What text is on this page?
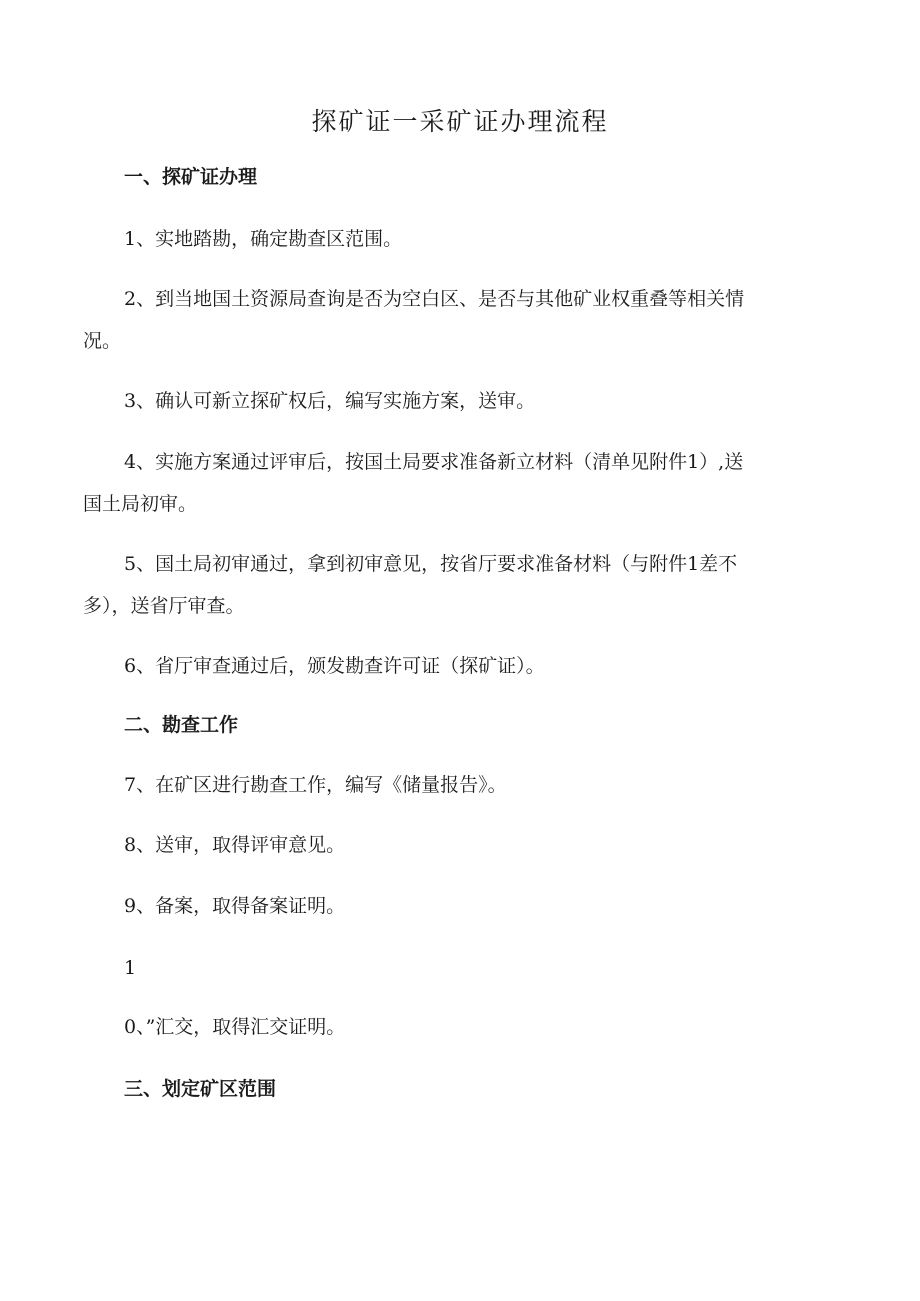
探矿证一采矿证办理流程

一、探矿证办理

1、实地踏勘，确定勘查区范围。

2、到当地国土资源局查询是否为空白区、是否与其他矿业权重叠等相关情

况。

3、确认可新立探矿权后，编写实施方案，送审。

4、实施方案通过评审后，按国土局要求准备新立材料（清单见附件1）,送

国土局初审。

5、国土局初审通过，拿到初审意见，按省厅要求准备材料（与附件1差不

多），送省厅审查。

6、省厅审查通过后，颁发勘查许可证（探矿证）。

二、勘查工作

7、在矿区进行勘查工作，编写《储量报告》。

8、送审，取得评审意见。

9、备案，取得备案证明。

1

0、”汇交，取得汇交证明。

三、划定矿区范围
